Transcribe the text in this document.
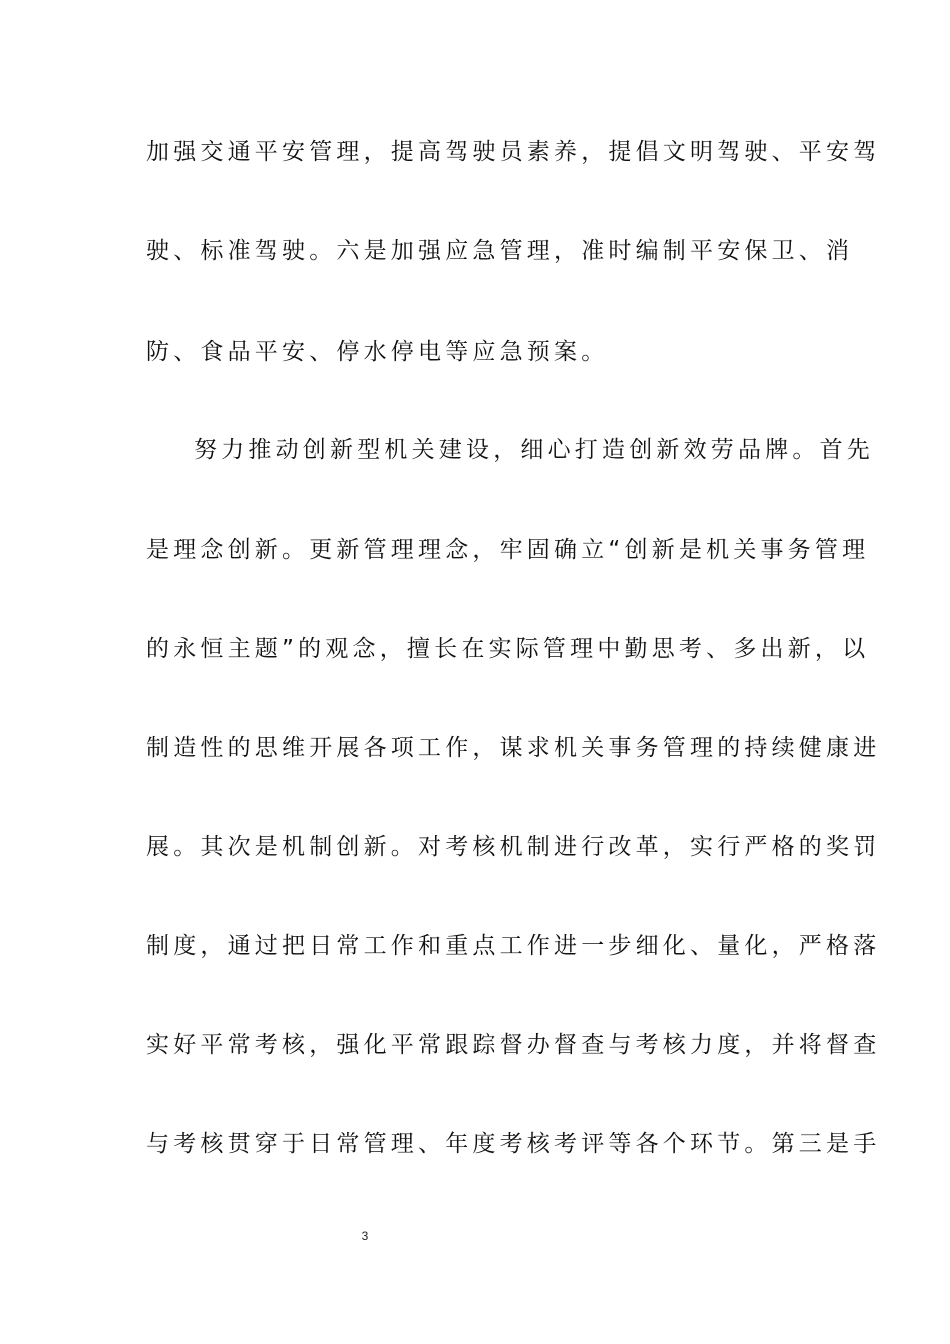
加强交通平安管理，提高驾驶员素养，提倡文明驾驶、平安驾
驶、标准驾驶。六是加强应急管理，准时编制平安保卫、消
防、食品平安、停水停电等应急预案。
努力推动创新型机关建设，细心打造创新效劳品牌。首先
是理念创新。更新管理理念，牢固确立“创新是机关事务管理
的永恒主题”的观念，擅长在实际管理中勤思考、多出新，以
制造性的思维开展各项工作，谋求机关事务管理的持续健康进
展。其次是机制创新。对考核机制进行改革，实行严格的奖罚
制度，通过把日常工作和重点工作进一步细化、量化，严格落
实好平常考核，强化平常跟踪督办督查与考核力度，并将督查
与考核贯穿于日常管理、年度考核考评等各个环节。第三是手
3
